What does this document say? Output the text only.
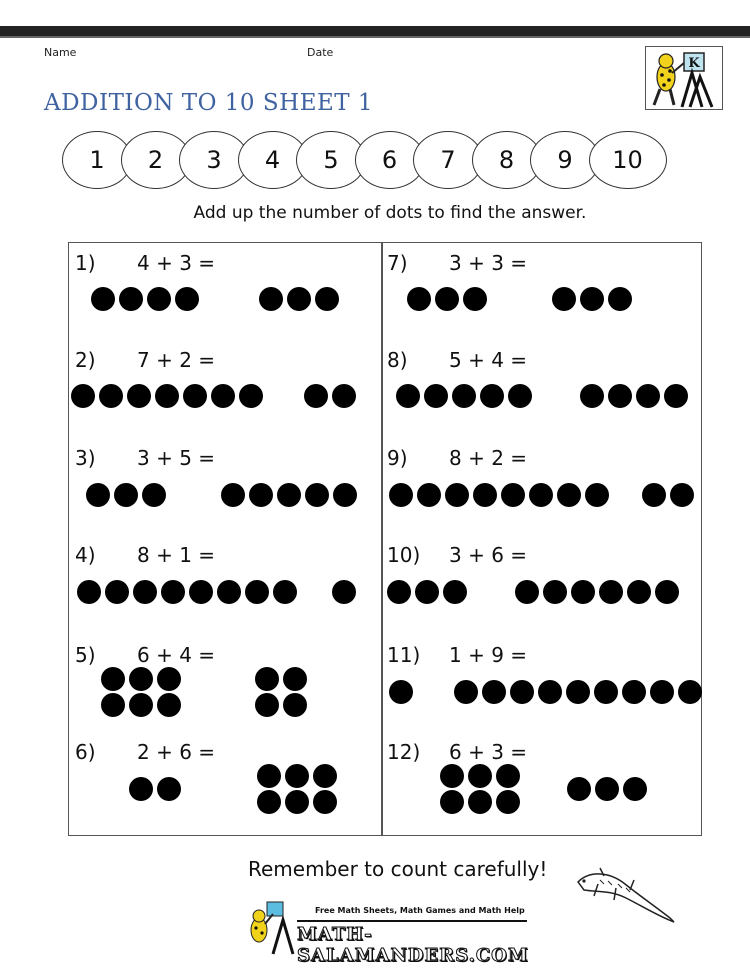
Name	Date
K
ADDITION TO 10 SHEET 1
1	2	3	4	5	6	7	8	9	10
Add up the number of dots to find the answer.
1) 4 + 3 =
2) 7 + 2 =
3) 3 + 5 =
4) 8 + 1 =
5) 6 + 4 =
6) 2 + 6 =
7) 3 + 3 =
8) 5 + 4 =
9) 8 + 2 =
10) 3 + 6 =
11) 1 + 9 =
12) 6 + 3 =
Remember to count carefully!
Free Math Sheets, Math Games and Math Help
MATH-SALAMANDERS.COM
